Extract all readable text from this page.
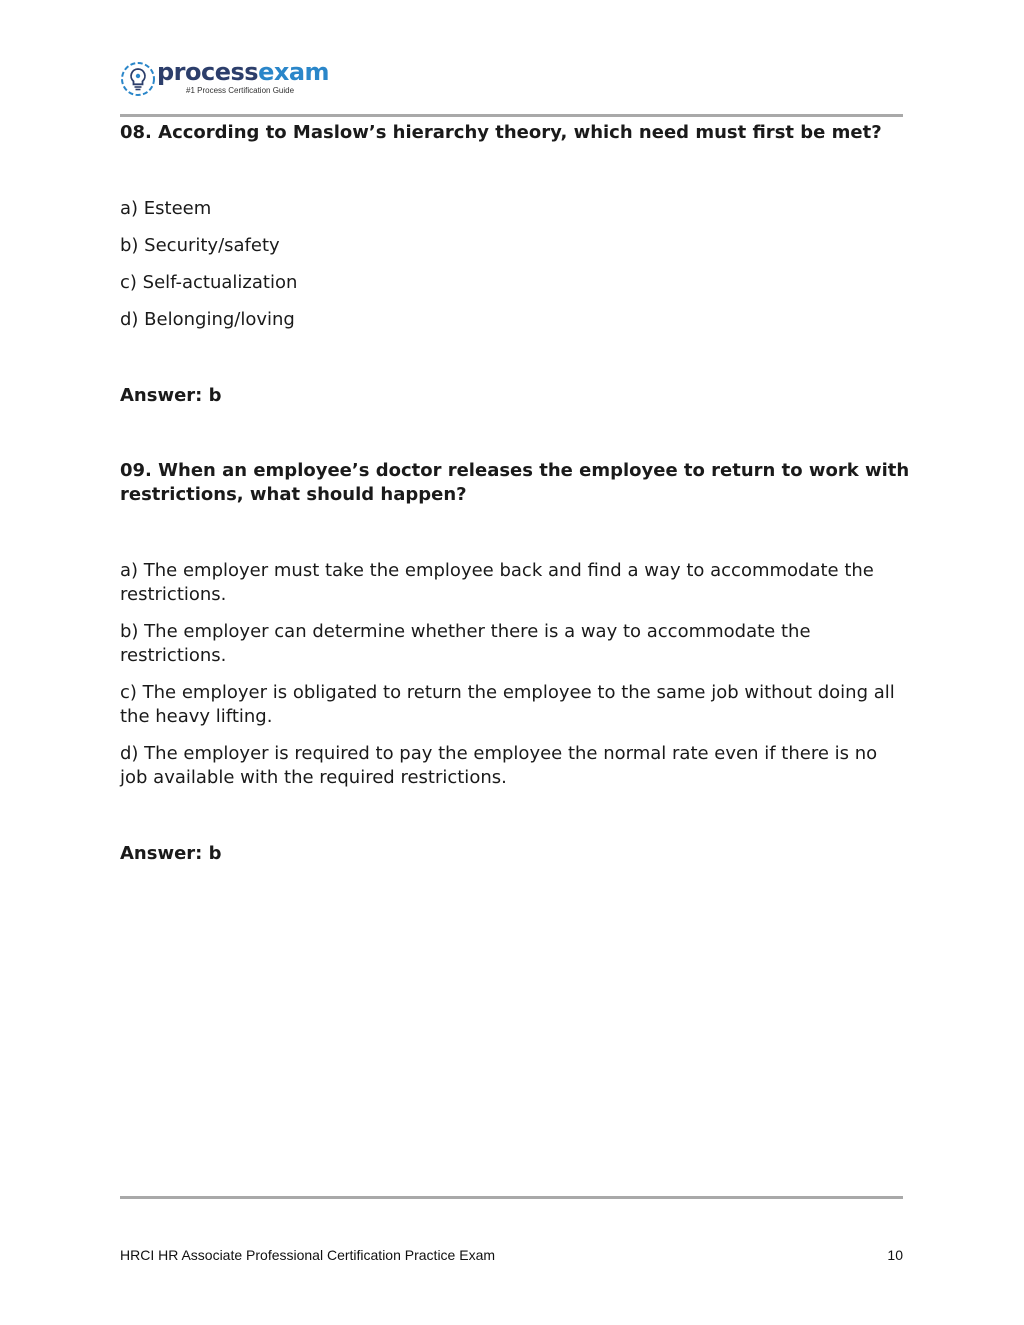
processexam
#1 Process Certification Guide

08. According to Maslow’s hierarchy theory, which need must first be met?

a) Esteem
b) Security/safety
c) Self-actualization
d) Belonging/loving

Answer: b

09. When an employee’s doctor releases the employee to return to work with restrictions, what should happen?

a) The employer must take the employee back and find a way to accommodate the restrictions.
b) The employer can determine whether there is a way to accommodate the restrictions.
c) The employer is obligated to return the employee to the same job without doing all the heavy lifting.
d) The employer is required to pay the employee the normal rate even if there is no job available with the required restrictions.

Answer: b

HRCI HR Associate Professional Certification Practice Exam	10
